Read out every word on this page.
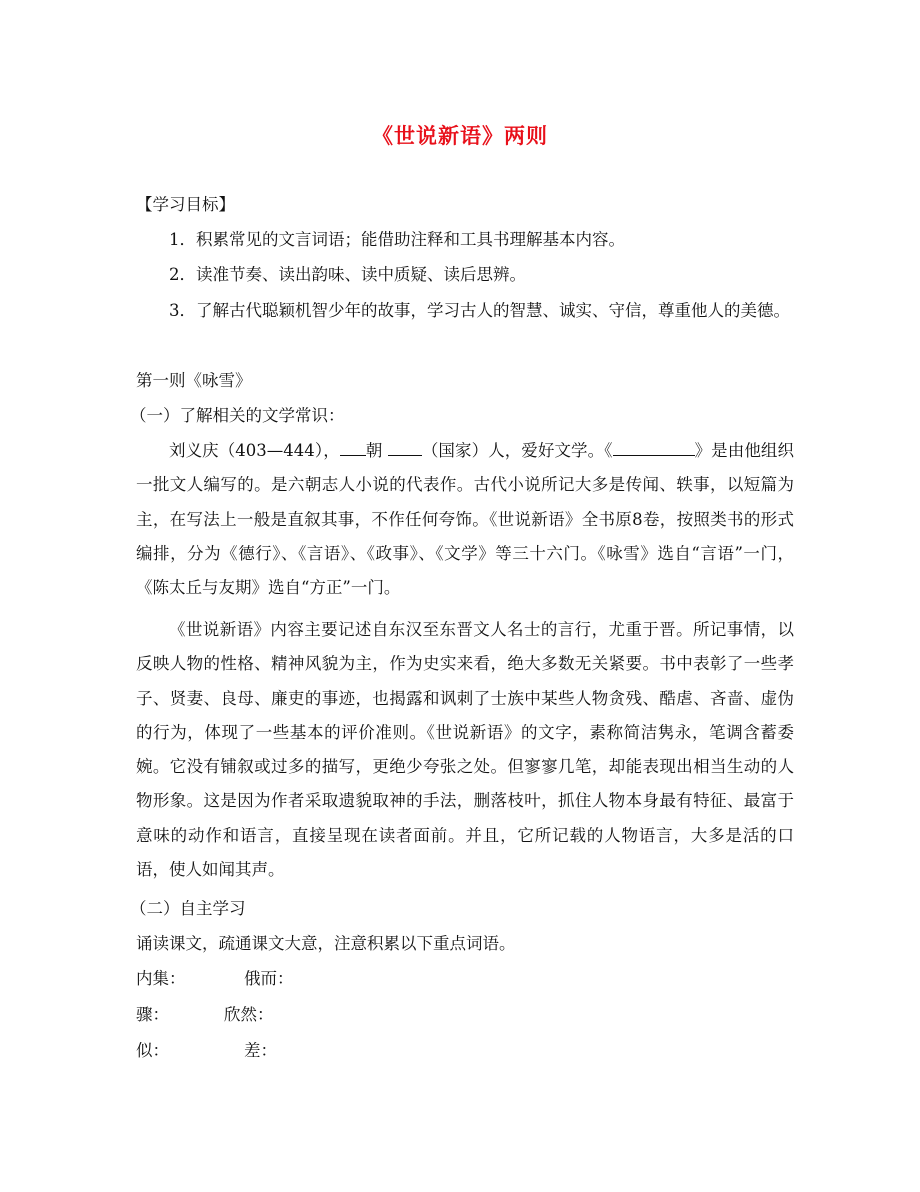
《世说新语》两则
【学习目标】
1．积累常见的文言词语；能借助注释和工具书理解基本内容。
2．读准节奏、读出韵味、读中质疑、读后思辨。
3．了解古代聪颖机智少年的故事，学习古人的智慧、诚实、守信，尊重他人的美德。
第一则《咏雪》
（一）了解相关的文学常识：
刘义庆（403—444）， 朝 （国家）人，爱好文学。《	》是由他组织一批文人编写的。是六朝志人小说的代表作。古代小说所记大多是传闻、轶事，以短篇为主，在写法上一般是直叙其事，不作任何夸饰。《世说新语》全书原8卷，按照类书的形式编排，分为《德行》、《言语》、《政事》、《文学》等三十六门。《咏雪》选自“言语”一门，《陈太丘与友期》选自“方正”一门。
《世说新语》内容主要记述自东汉至东晋文人名士的言行，尤重于晋。所记事情，以反映人物的性格、精神风貌为主，作为史实来看，绝大多数无关紧要。书中表彰了一些孝子、贤妻、良母、廉吏的事迹，也揭露和讽刺了士族中某些人物贪残、酷虐、吝啬、虚伪的行为，体现了一些基本的评价准则。《世说新语》的文字，素称简洁隽永，笔调含蓄委婉。它没有铺叙或过多的描写，更绝少夸张之处。但寥寥几笔，却能表现出相当生动的人物形象。这是因为作者采取遗貌取神的手法，删落枝叶，抓住人物本身最有特征、最富于意味的动作和语言，直接呈现在读者面前。并且，它所记载的人物语言，大多是活的口语，使人如闻其声。
（二）自主学习
诵读课文，疏通课文大意，注意积累以下重点词语。
内集：	俄而：
骤：	欣然：
似：	差：
